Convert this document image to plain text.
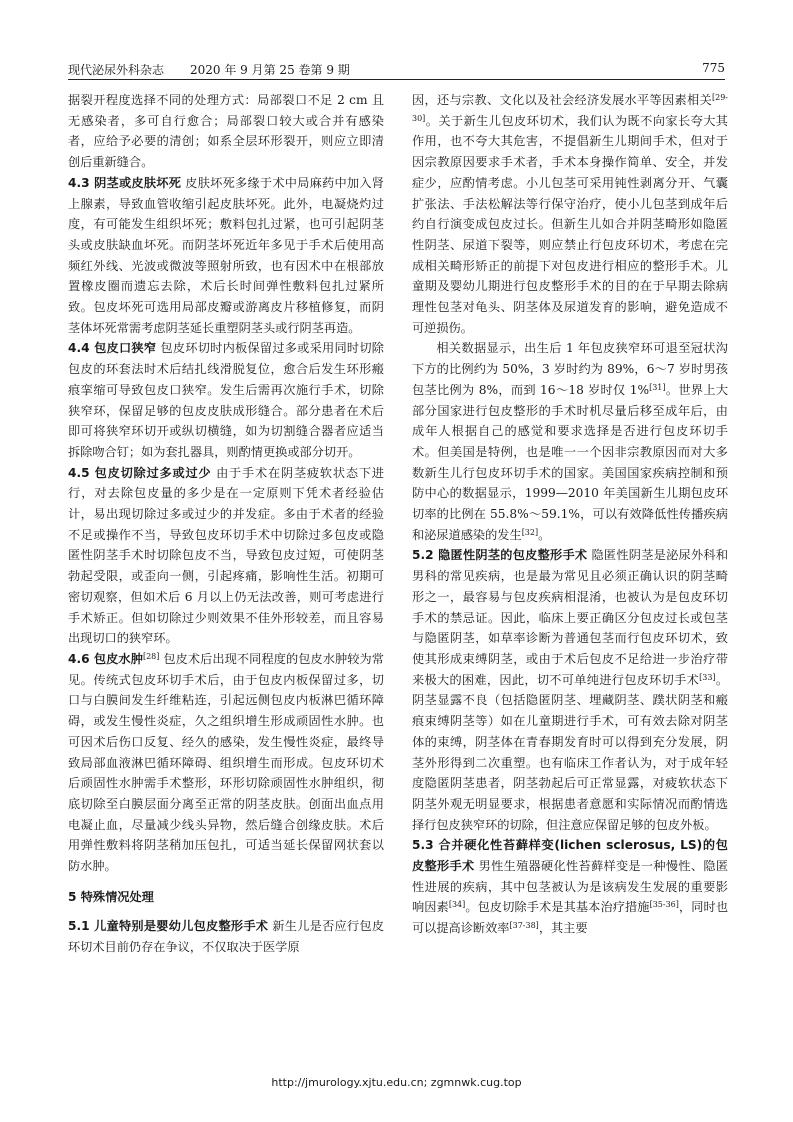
现代泌尿外科杂志 2020 年 9 月第 25 卷第 9 期	775

据裂开程度选择不同的处理方式：局部裂口不足 2 cm 且无感染者，多可自行愈合；局部裂口较大或合并有感染者，应给予必要的清创；如系全层环形裂开，则应立即清创后重新缝合。

4.3 阴茎或皮肤坏死 皮肤坏死多缘于术中局麻药中加入肾上腺素，导致血管收缩引起皮肤坏死。此外，电凝烧灼过度，有可能发生组织坏死；敷料包扎过紧，也可引起阴茎头或皮肤缺血坏死。而阴茎坏死近年多见于手术后使用高频红外线、光波或微波等照射所致，也有因术中在根部放置橡皮圈而遗忘去除，术后长时间弹性敷料包扎过紧所致。包皮坏死可选用局部皮瓣或游离皮片移植修复，而阴茎体坏死常需考虑阴茎延长重塑阴茎头或行阴茎再造。

4.4 包皮口狭窄 包皮环切时内板保留过多或采用同时切除包皮的环套法时术后结扎线滑脱复位，愈合后发生环形瘢痕挛缩可导致包皮口狭窄。发生后需再次施行手术，切除狭窄环，保留足够的包皮皮肤成形缝合。部分患者在术后即可将狭窄环切开或纵切横缝，如为切割缝合器者应适当拆除吻合钉；如为套扎器具，则酌情更换或部分切开。

4.5 包皮切除过多或过少 由于手术在阴茎疲软状态下进行，对去除包皮量的多少是在一定原则下凭术者经验估计，易出现切除过多或过少的并发症。多由于术者的经验不足或操作不当，导致包皮环切手术中切除过多包皮或隐匿性阴茎手术时切除包皮不当，导致包皮过短，可使阴茎勃起受限，或歪向一侧，引起疼痛，影响性生活。初期可密切观察，但如术后 6 月以上仍无法改善，则可考虑进行手术矫正。但如切除过少则效果不佳外形较差，而且容易出现切口的狭窄环。

4.6 包皮水肿[28] 包皮术后出现不同程度的包皮水肿较为常见。传统式包皮环切手术后，由于包皮内板保留过多，切口与白膜间发生纤维粘连，引起远侧包皮内板淋巴循环障碍，或发生慢性炎症，久之组织增生形成顽固性水肿。也可因术后伤口反复、经久的感染，发生慢性炎症，最终导致局部血液淋巴循环障碍、组织增生而形成。包皮环切术后顽固性水肿需手术整形，环形切除顽固性水肿组织，彻底切除至白膜层面分离至正常的阴茎皮肤。创面出血点用电凝止血，尽量减少线头异物，然后缝合创缘皮肤。术后用弹性敷料将阴茎稍加压包扎，可适当延长保留网状套以防水肿。

5 特殊情况处理

5.1 儿童特别是婴幼儿包皮整形手术 新生儿是否应行包皮环切术目前仍存在争议，不仅取决于医学原

因，还与宗教、文化以及社会经济发展水平等因素相关[29-30]。关于新生儿包皮环切术，我们认为既不向家长夸大其作用，也不夸大其危害，不提倡新生儿期间手术，但对于因宗教原因要求手术者，手术本身操作简单、安全，并发症少，应酌情考虑。小儿包茎可采用钝性剥离分开、气囊扩张法、手法松解法等行保守治疗，使小儿包茎到成年后约自行演变成包皮过长。但新生儿如合并阴茎畸形如隐匿性阴茎、尿道下裂等，则应禁止行包皮环切术，考虑在完成相关畸形矫正的前提下对包皮进行相应的整形手术。儿童期及婴幼儿期进行包皮整形手术的目的在于早期去除病理性包茎对龟头、阴茎体及尿道发育的影响，避免造成不可逆损伤。

相关数据显示，出生后 1 年包皮狭窄环可退至冠状沟下方的比例约为 50%，3 岁时约为 89%，6～7 岁时男孩包茎比例为 8%，而到 16～18 岁时仅 1%[31]。世界上大部分国家进行包皮整形的手术时机尽量后移至成年后，由成年人根据自己的感觉和要求选择是否进行包皮环切手术。但美国是特例，也是唯一一个因非宗教原因而对大多数新生儿行包皮环切手术的国家。美国国家疾病控制和预防中心的数据显示，1999—2010 年美国新生儿期包皮环切率的比例在 55.8%～59.1%，可以有效降低性传播疾病和泌尿道感染的发生[32]。

5.2 隐匿性阴茎的包皮整形手术 隐匿性阴茎是泌尿外科和男科的常见疾病，也是最为常见且必须正确认识的阴茎畸形之一，最容易与包皮疾病相混淆，也被认为是包皮环切手术的禁忌证。因此，临床上要正确区分包皮过长或包茎与隐匿阴茎，如草率诊断为普通包茎而行包皮环切术，致使其形成束缚阴茎，或由于术后包皮不足给进一步治疗带来极大的困难，因此，切不可单纯进行包皮环切手术[33]。阴茎显露不良（包括隐匿阴茎、埋藏阴茎、蹼状阴茎和瘢痕束缚阴茎等）如在儿童期进行手术，可有效去除对阴茎体的束缚，阴茎体在青春期发育时可以得到充分发展，阴茎外形得到二次重塑。也有临床工作者认为，对于成年轻度隐匿阴茎患者，阴茎勃起后可正常显露，对疲软状态下阴茎外观无明显要求，根据患者意愿和实际情况而酌情选择行包皮狭窄环的切除，但注意应保留足够的包皮外板。

5.3 合并硬化性苔藓样变(lichen sclerosus, LS)的包皮整形手术 男性生殖器硬化性苔藓样变是一种慢性、隐匿性进展的疾病，其中包茎被认为是该病发生发展的重要影响因素[34]。包皮切除手术是其基本治疗措施[35-36]，同时也可以提高诊断效率[37-38]，其主要

http://jmurology.xjtu.edu.cn; zgmnwk.cug.top
